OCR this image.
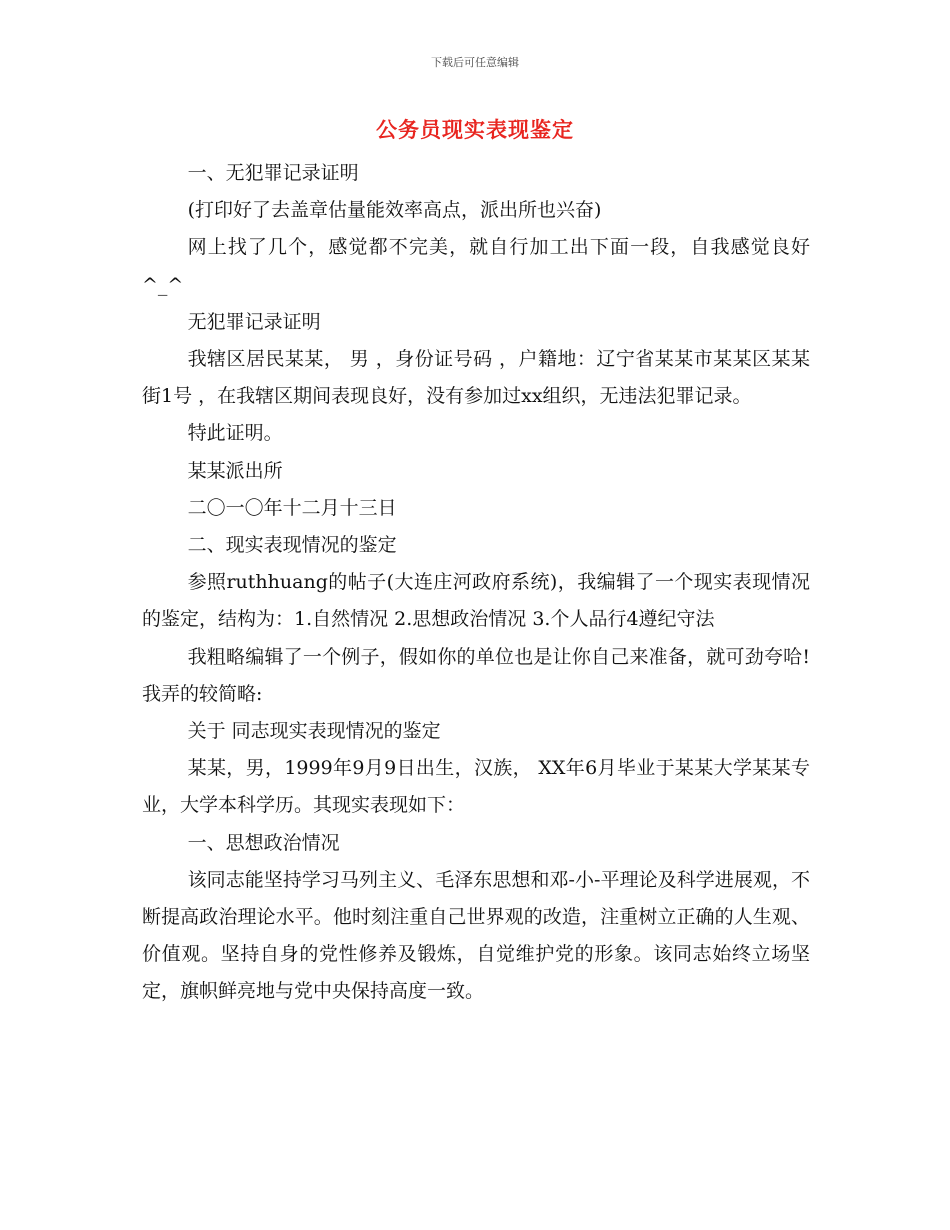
下载后可任意编辑
公务员现实表现鉴定

一、无犯罪记录证明

(打印好了去盖章估量能效率高点，派出所也兴奋)

网上找了几个，感觉都不完美，就自行加工出下面一段，自我感觉良好 ^_^

无犯罪记录证明

我辖区居民某某， 男 ，身份证号码 ，户籍地：辽宁省某某市某某区某某街1号 ，在我辖区期间表现良好，没有参加过xx组织，无违法犯罪记录。

特此证明。

某某派出所

二〇一〇年十二月十三日

二、现实表现情况的鉴定

参照ruthhuang的帖子(大连庄河政府系统)，我编辑了一个现实表现情况的鉴定，结构为：1.自然情况 2.思想政治情况 3.个人品行4遵纪守法

我粗略编辑了一个例子，假如你的单位也是让你自己来准备，就可劲夸哈!我弄的较简略:

关于 同志现实表现情况的鉴定

某某，男，1999年9月9日出生，汉族， XX年6月毕业于某某大学某某专业，大学本科学历。其现实表现如下：

一、思想政治情况

该同志能坚持学习马列主义、毛泽东思想和邓-小-平理论及科学进展观，不断提高政治理论水平。他时刻注重自己世界观的改造，注重树立正确的人生观、价值观。坚持自身的党性修养及锻炼，自觉维护党的形象。该同志始终立场坚定，旗帜鲜亮地与党中央保持高度一致。
